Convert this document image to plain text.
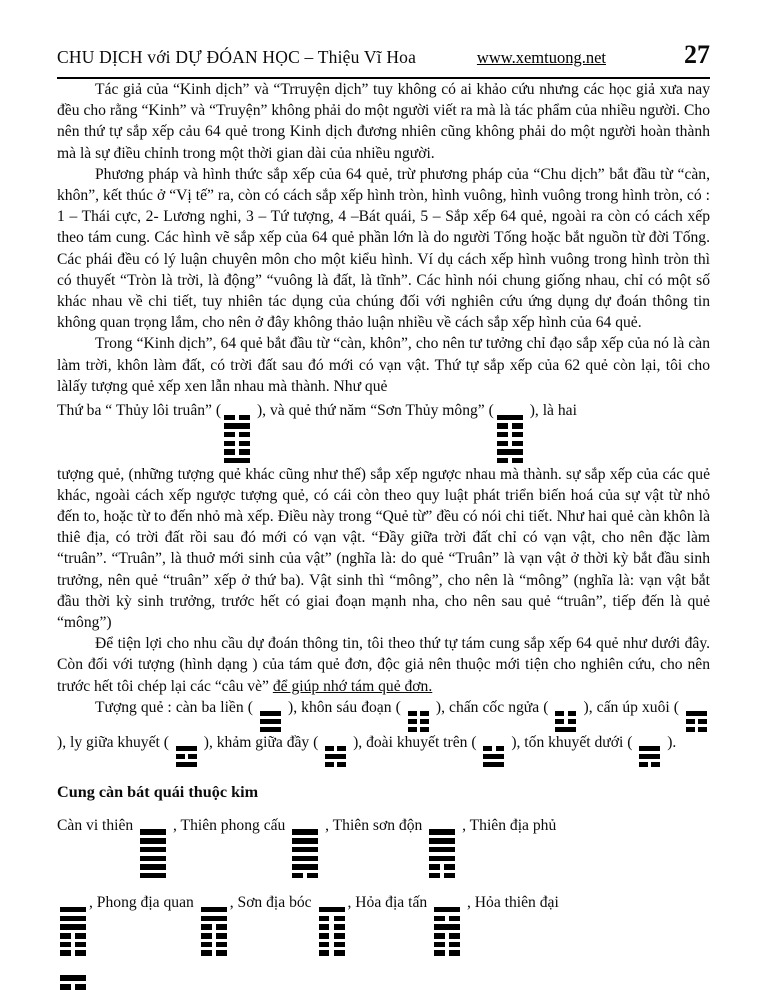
CHU DỊCH với DỰ ĐÓAN HỌC – Thiệu Vĩ Hoa	www.xemtuong.net	27

Tác giả của “Kinh dịch” và “Trruyện dịch” tuy không có ai khảo cứu nhưng các học giả xưa nay đều cho rằng “Kinh” và “Truyện” không phải do một người viết ra mà là tác phẩm của nhiều người. Cho nên thứ tự sắp xếp cảu 64 quẻ trong Kinh dịch đương nhiên cũng không phải do một người hoàn thành mà là sự điều chỉnh trong một thời gian dài của nhiều người.

Phương pháp và hình thức sắp xếp của 64 quẻ, trừ phương pháp của “Chu dịch” bắt đầu từ “càn, khôn”, kết thúc ở “Vị tế” ra, còn có cách sắp xếp hình tròn, hình vuông, hình vuông trong hình tròn, có : 1 – Thái cực, 2- Lương nghi, 3 – Tứ tượng, 4 –Bát quái, 5 – Sắp xếp 64 quẻ, ngoài ra còn có cách xếp theo tám cung. Các hình vẽ sắp xếp của 64 quẻ phần lớn là do người Tống hoặc bắt nguồn từ đời Tống. Các phái đều có lý luận chuyên môn cho một kiểu hình. Ví dụ cách xếp hình vuông trong hình tròn thì có thuyết “Tròn là trời, là động” “vuông là đất, là tĩnh”. Các hình nói chung giống nhau, chỉ có một số khác nhau về chi tiết, tuy nhiên tác dụng của chúng đối với nghiên cứu ứng dụng dự đoán thông tin không quan trọng lắm, cho nên ở đây không thảo luận nhiều về cách sắp xếp hình của 64 quẻ.

Trong “Kinh dịch”, 64 quẻ bắt đầu từ “càn, khôn”, cho nên tư tưởng chỉ đạo sắp xếp của nó là càn làm trời, khôn làm đất, có trời đất sau đó mới có vạn vật. Thứ tự sắp xếp của 62 quẻ còn lại, tôi cho làlấy tượng quẻ xếp xen lẫn nhau mà thành. Như quẻ

Thứ ba “ Thủy lôi truân” (
), và quẻ thứ năm “Sơn Thủy mông” (
), là hai

tượng quẻ, (những tượng quẻ khác cũng như thế) sắp xếp ngược nhau mà thành. sự sắp xếp của các quẻ khác, ngoài cách xếp ngược tượng quẻ, có cái còn theo quy luật phát triển biến hoá của sự vật từ nhỏ đến to, hoặc từ to đến nhỏ mà xếp. Điều này trong “Quẻ từ” đều có nói chi tiết. Như hai quẻ càn khôn là thiê địa, có trời đất rồi sau đó mới có vạn vật. “Đầy giữa trời đất chỉ có vạn vật, cho nên đặc làm “truân”. “Truân”, là thuở mới sinh của vật” (nghĩa là: do quẻ “Truân” là vạn vật ở thời kỳ bắt đầu sinh trưởng, nên quẻ “truân” xếp ở thứ ba). Vật sinh thì “mông”, cho nên là “mông” (nghĩa là: vạn vật bắt đầu thời kỳ sinh trưởng, trước hết có giai đoạn mạnh nha, cho nên sau quẻ “truân”, tiếp đến là quẻ “mông”)

Để tiện lợi cho nhu cầu dự đoán thông tin, tôi theo thứ tự tám cung sắp xếp 64 quẻ như dưới đây. Còn đối với tượng (hình dạng ) của tám quẻ đơn, độc giả nên thuộc mới tiện cho nghiên cứu, cho nên trước hết tôi chép lại các “câu vè” để giúp nhớ tám quẻ đơn.

Tượng quẻ : càn ba liền (
), khôn sáu đoạn (
), chấn cốc ngửa (
), cấn úp xuôi (
), ly giữa khuyết (
), khảm giữa đầy (
), đoài khuyết trên (
), tốn khuyết dưới (
).

Cung càn bát quái thuộc kim

Càn vi thiên
, Thiên phong cấu
, Thiên sơn độn
, Thiên địa phủ

, Phong địa quan
, Sơn địa bóc
, Hỏa địa tấn
, Hỏa thiên đại
